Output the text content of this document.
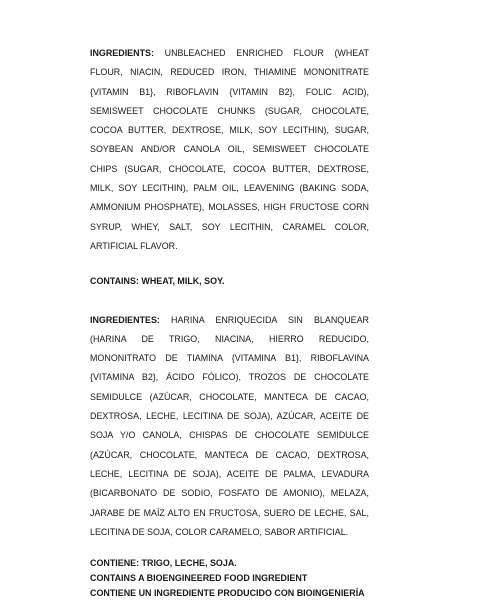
INGREDIENTS: UNBLEACHED ENRICHED FLOUR (WHEAT FLOUR, NIACIN, REDUCED IRON, THIAMINE MONONITRATE {VITAMIN B1}, RIBOFLAVIN {VITAMIN B2}, FOLIC ACID), SEMISWEET CHOCOLATE CHUNKS (SUGAR, CHOCOLATE, COCOA BUTTER, DEXTROSE, MILK, SOY LECITHIN), SUGAR, SOYBEAN AND/OR CANOLA OIL, SEMISWEET CHOCOLATE CHIPS (SUGAR, CHOCOLATE, COCOA BUTTER, DEXTROSE, MILK, SOY LECITHIN), PALM OIL, LEAVENING (BAKING SODA, AMMONIUM PHOSPHATE), MOLASSES, HIGH FRUCTOSE CORN SYRUP, WHEY, SALT, SOY LECITHIN, CARAMEL COLOR, ARTIFICIAL FLAVOR.

CONTAINS: WHEAT, MILK, SOY.

INGREDIENTES: HARINA ENRIQUECIDA SIN BLANQUEAR (HARINA DE TRIGO, NIACINA, HIERRO REDUCIDO, MONONITRATO DE TIAMINA {VITAMINA B1}, RIBOFLAVINA {VITAMINA B2}, ÁCIDO FÓLICO), TROZOS DE CHOCOLATE SEMIDULCE (AZÚCAR, CHOCOLATE, MANTECA DE CACAO, DEXTROSA, LECHE, LECITINA DE SOJA), AZÚCAR, ACEITE DE SOJA Y/O CANOLA, CHISPAS DE CHOCOLATE SEMIDULCE (AZÚCAR, CHOCOLATE, MANTECA DE CACAO, DEXTROSA, LECHE, LECITINA DE SOJA), ACEITE DE PALMA, LEVADURA (BICARBONATO DE SODIO, FOSFATO DE AMONIO), MELAZA, JARABE DE MAÍZ ALTO EN FRUCTOSA, SUERO DE LECHE, SAL, LECITINA DE SOJA, COLOR CARAMELO, SABOR ARTIFICIAL.

CONTIENE: TRIGO, LECHE, SOJA.

CONTAINS A BIOENGINEERED FOOD INGREDIENT

CONTIENE UN INGREDIENTE PRODUCIDO CON BIOINGENIERÍA
